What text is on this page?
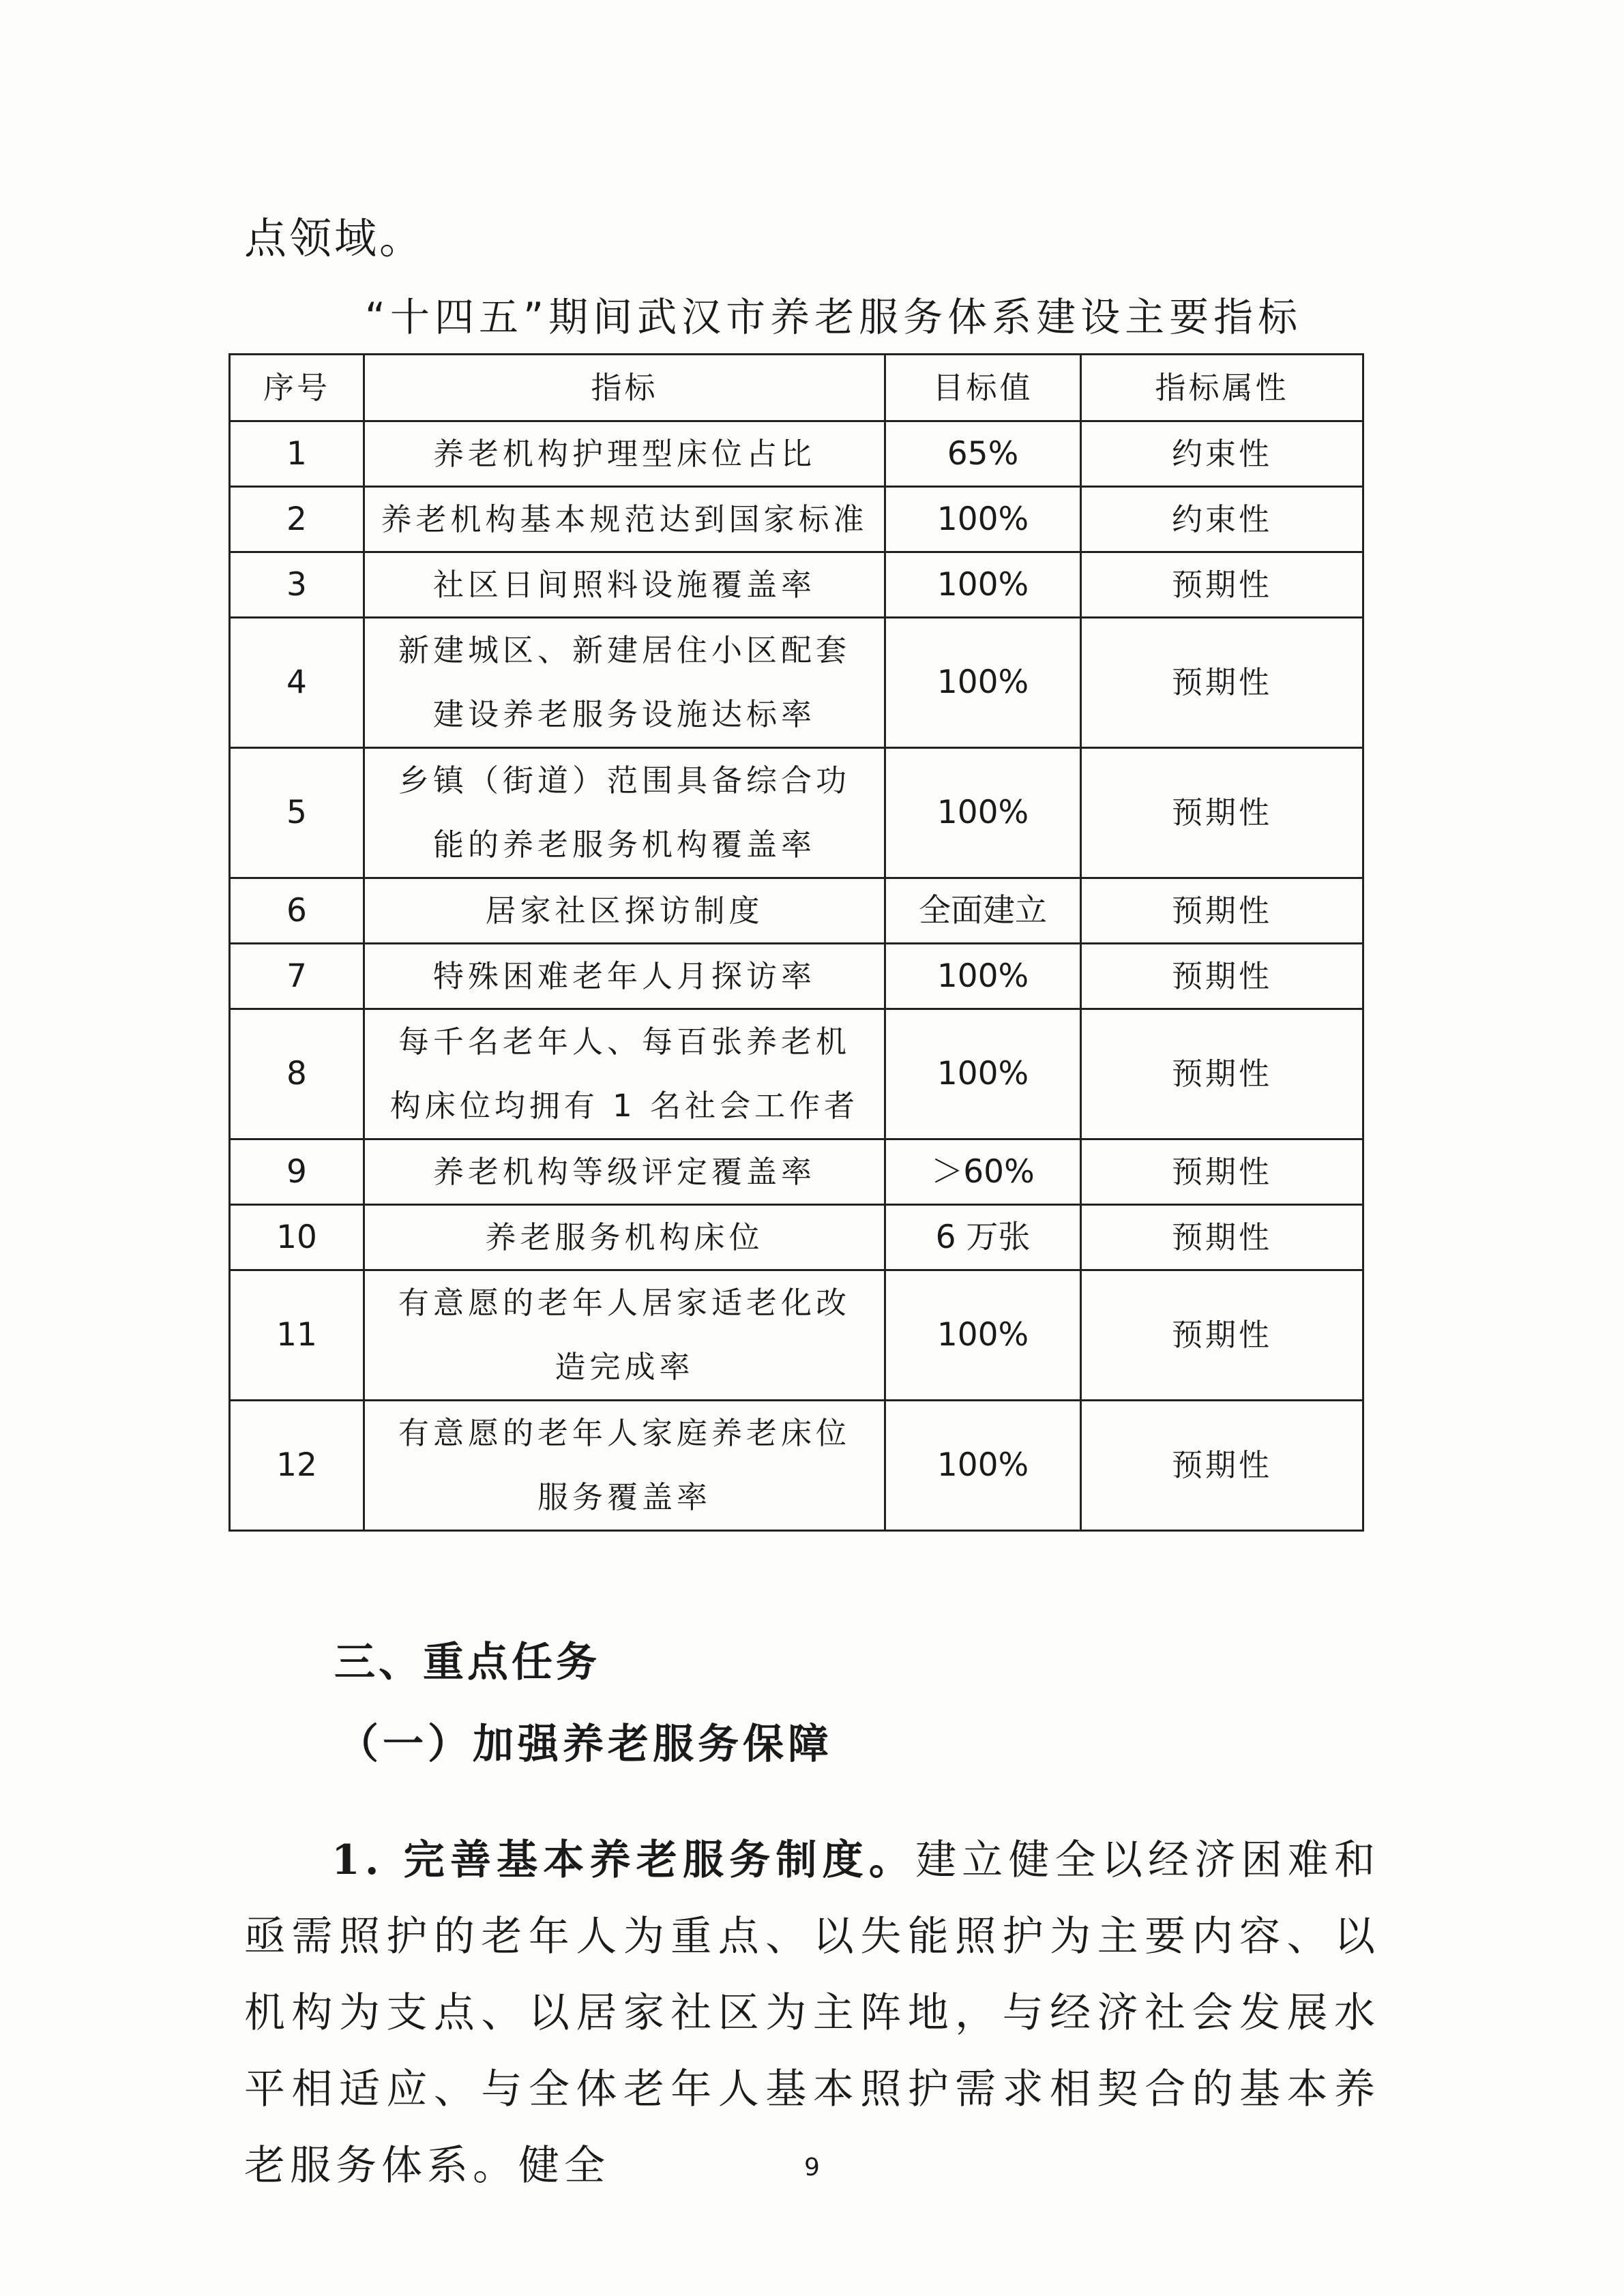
点领域。
“十四五”期间武汉市养老服务体系建设主要指标
序号	指标	目标值	指标属性
1	养老机构护理型床位占比	65%	约束性
2	养老机构基本规范达到国家标准	100%	约束性
3	社区日间照料设施覆盖率	100%	预期性
4	新建城区、新建居住小区配套建设养老服务设施达标率	100%	预期性
5	乡镇（街道）范围具备综合功能的养老服务机构覆盖率	100%	预期性
6	居家社区探访制度	全面建立	预期性
7	特殊困难老年人月探访率	100%	预期性
8	每千名老年人、每百张养老机构床位均拥有 1 名社会工作者	100%	预期性
9	养老机构等级评定覆盖率	＞60%	预期性
10	养老服务机构床位	6 万张	预期性
11	有意愿的老年人居家适老化改造完成率	100%	预期性
12	有意愿的老年人家庭养老床位服务覆盖率	100%	预期性
三、重点任务
（一）加强养老服务保障

1. 完善基本养老服务制度。建立健全以经济困难和亟需照护的老年人为重点、以失能照护为主要内容、以机构为支点、以居家社区为主阵地，与经济社会发展水平相适应、与全体老年人基本照护需求相契合的基本养老服务体系。健全	9
